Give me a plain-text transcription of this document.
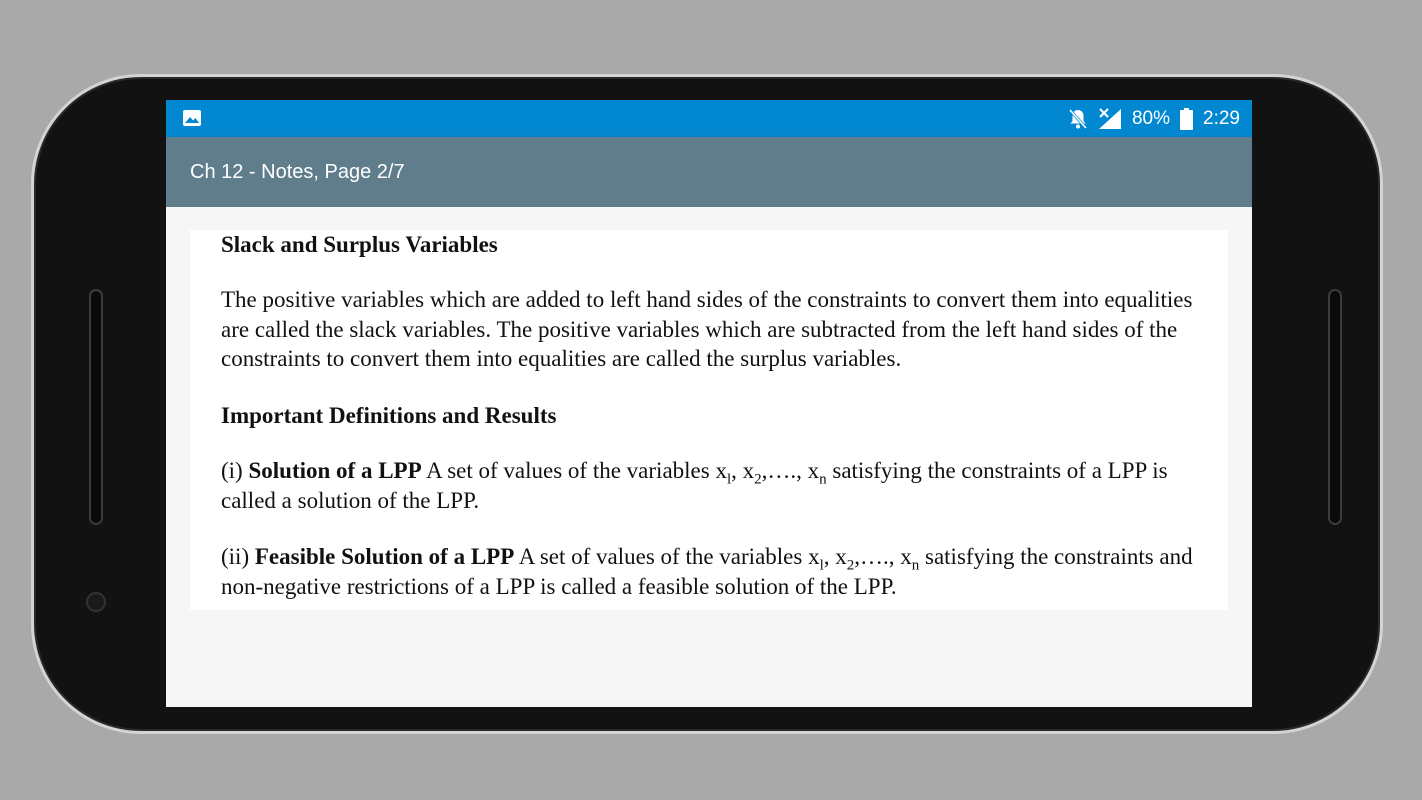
80% 2:29
Ch 12 - Notes, Page 2/7
Slack and Surplus Variables

The positive variables which are added to left hand sides of the constraints to convert them into equalities are called the slack variables. The positive variables which are subtracted from the left hand sides of the constraints to convert them into equalities are called the surplus variables.

Important Definitions and Results

(i) Solution of a LPP A set of values of the variables $x_l$, $x_2,\dots$., $x_n$ satisfying the constraints of a LPP is called a solution of the LPP.

(ii) Feasible Solution of a LPP A set of values of the variables $x_l$, $x_2,\dots$., $x_n$ satisfying the constraints and non-negative restrictions of a LPP is called a feasible solution of the LPP.
